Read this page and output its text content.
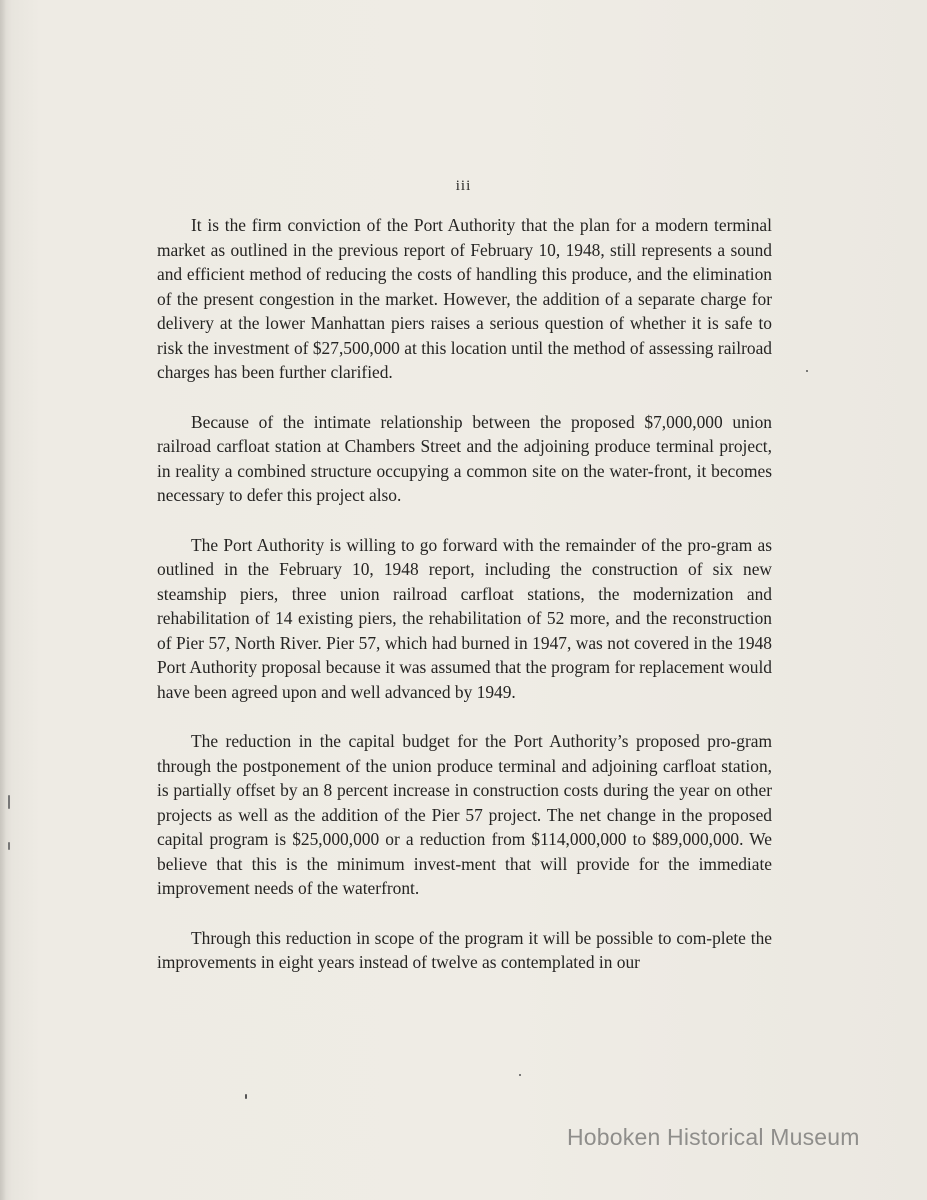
iii

It is the firm conviction of the Port Authority that the plan for a modern terminal market as outlined in the previous report of February 10, 1948, still represents a sound and efficient method of reducing the costs of handling this produce, and the elimination of the present congestion in the market. However, the addition of a separate charge for delivery at the lower Manhattan piers raises a serious question of whether it is safe to risk the investment of $27,500,000 at this location until the method of assessing railroad charges has been further clarified.

Because of the intimate relationship between the proposed $7,000,000 union railroad carfloat station at Chambers Street and the adjoining produce terminal project, in reality a combined structure occupying a common site on the water-front, it becomes necessary to defer this project also.

The Port Authority is willing to go forward with the remainder of the pro-gram as outlined in the February 10, 1948 report, including the construction of six new steamship piers, three union railroad carfloat stations, the modernization and rehabilitation of 14 existing piers, the rehabilitation of 52 more, and the reconstruction of Pier 57, North River. Pier 57, which had burned in 1947, was not covered in the 1948 Port Authority proposal because it was assumed that the program for replacement would have been agreed upon and well advanced by 1949.

The reduction in the capital budget for the Port Authority’s proposed pro-gram through the postponement of the union produce terminal and adjoining carfloat station, is partially offset by an 8 percent increase in construction costs during the year on other projects as well as the addition of the Pier 57 project. The net change in the proposed capital program is $25,000,000 or a reduction from $114,000,000 to $89,000,000. We believe that this is the minimum invest-ment that will provide for the immediate improvement needs of the waterfront.

Through this reduction in scope of the program it will be possible to com-plete the improvements in eight years instead of twelve as contemplated in our

Hoboken Historical Museum
